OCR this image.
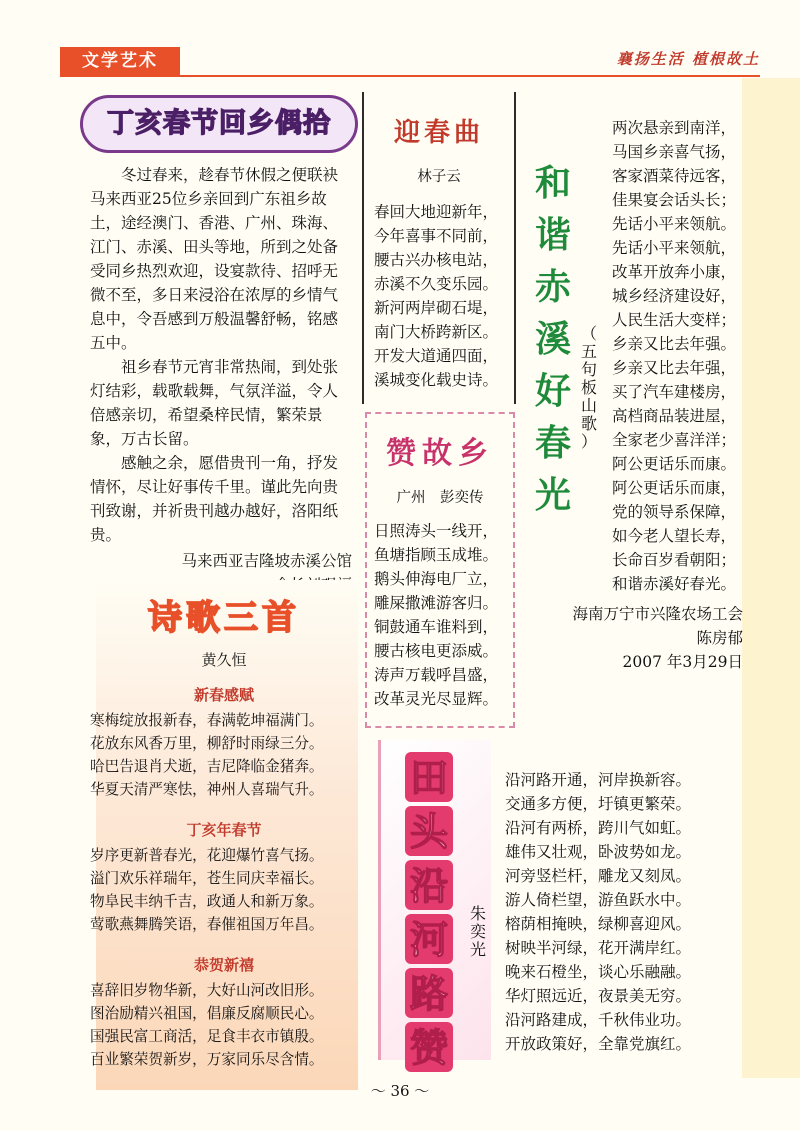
文学艺术	襄扬生活 植根故土
丁亥春节回乡偶拾

冬过春来，趁春节休假之便联袂马来西亚25位乡亲回到广东祖乡故土，途经澳门、香港、广州、珠海、江门、赤溪、田头等地，所到之处备受同乡热烈欢迎，设宴款待、招呼无微不至，多日来浸浴在浓厚的乡情气息中，令吾感到万般温馨舒畅，铭感五中。

祖乡春节元宵非常热闹，到处张灯结彩，载歌载舞，气氛洋溢，令人倍感亲切，希望桑梓民情，繁荣景象，万古长留。

感触之余，愿借贵刊一角，抒发情怀，尽让好事传千里。谨此先向贵刊致谢，并祈贵刊越办越好，洛阳纸贵。

马来西亚吉隆坡赤溪公馆
迎春曲
林子云
春回大地迎新年，
今年喜事不同前，
腰古兴办核电站，
赤溪不久变乐园。
新河两岸砌石堤，
南门大桥跨新区。
开发大道通四面，
溪城变化载史诗。
和
谐
赤
溪
好
春
光
（
五
句
板
山
歌
）
两次悬亲到南洋，
马国乡亲喜气扬，
客家酒菜待远客，
佳果宴会话头长；
先话小平来领航。
先话小平来领航，
改革开放奔小康，
城乡经济建设好，
人民生活大变样；
乡亲又比去年强。
乡亲又比去年强，
买了汽车建楼房，
高档商品装进屋，
全家老少喜洋洋；
阿公更话乐而康。
阿公更话乐而康，
党的领导系保障，
如今老人望长寿，
长命百岁看朝阳；
和谐赤溪好春光。
海南万宁市兴隆农场工会
陈房郁
2007 年3月29日
赞故乡
广州　彭奕传
日照涛头一线开，
鱼塘指顾玉成堆。
鹅头伸海电厂立，
雕屎撒滩游客归。
铜鼓通车谁料到，
腰古核电更添威。
涛声万载呼昌盛，
改革灵光尽显辉。
诗歌三首
黄久恒
新春感赋
寒梅绽放报新春，春满乾坤福满门。
花放东风香万里，柳舒时雨绿三分。
哈巴告退肖犬逝，吉尼降临金猪奔。
华夏天清严寒怯，神州人喜瑞气升。
丁亥年春节
岁序更新普春光，花迎爆竹喜气扬。
溢门欢乐祥瑞年，苍生同庆幸福长。
物阜民丰纳千吉，政通人和新万象。
莺歌燕舞腾笑语，春催祖国万年昌。
恭贺新禧
喜辞旧岁物华新，大好山河改旧形。
图治励精兴祖国，倡廉反腐顺民心。
国强民富工商活，足食丰衣市镇殷。
百业繁荣贺新岁，万家同乐尽含情。
田
头
沿
河
路
赞
朱
奕
光
沿河路开通，河岸换新容。
交通多方便，圩镇更繁荣。
沿河有两桥，跨川气如虹。
雄伟又壮观，卧波势如龙。
河旁竖栏杆，雕龙又刻凤。
游人倚栏望，游鱼跃水中。
榕荫相掩映，绿柳喜迎风。
树映半河绿，花开满岸红。
晚来石橙坐，谈心乐融融。
华灯照远近，夜景美无穷。
沿河路建成，千秋伟业功。
开放政策好，全靠党旗红。
～ 36 ～
